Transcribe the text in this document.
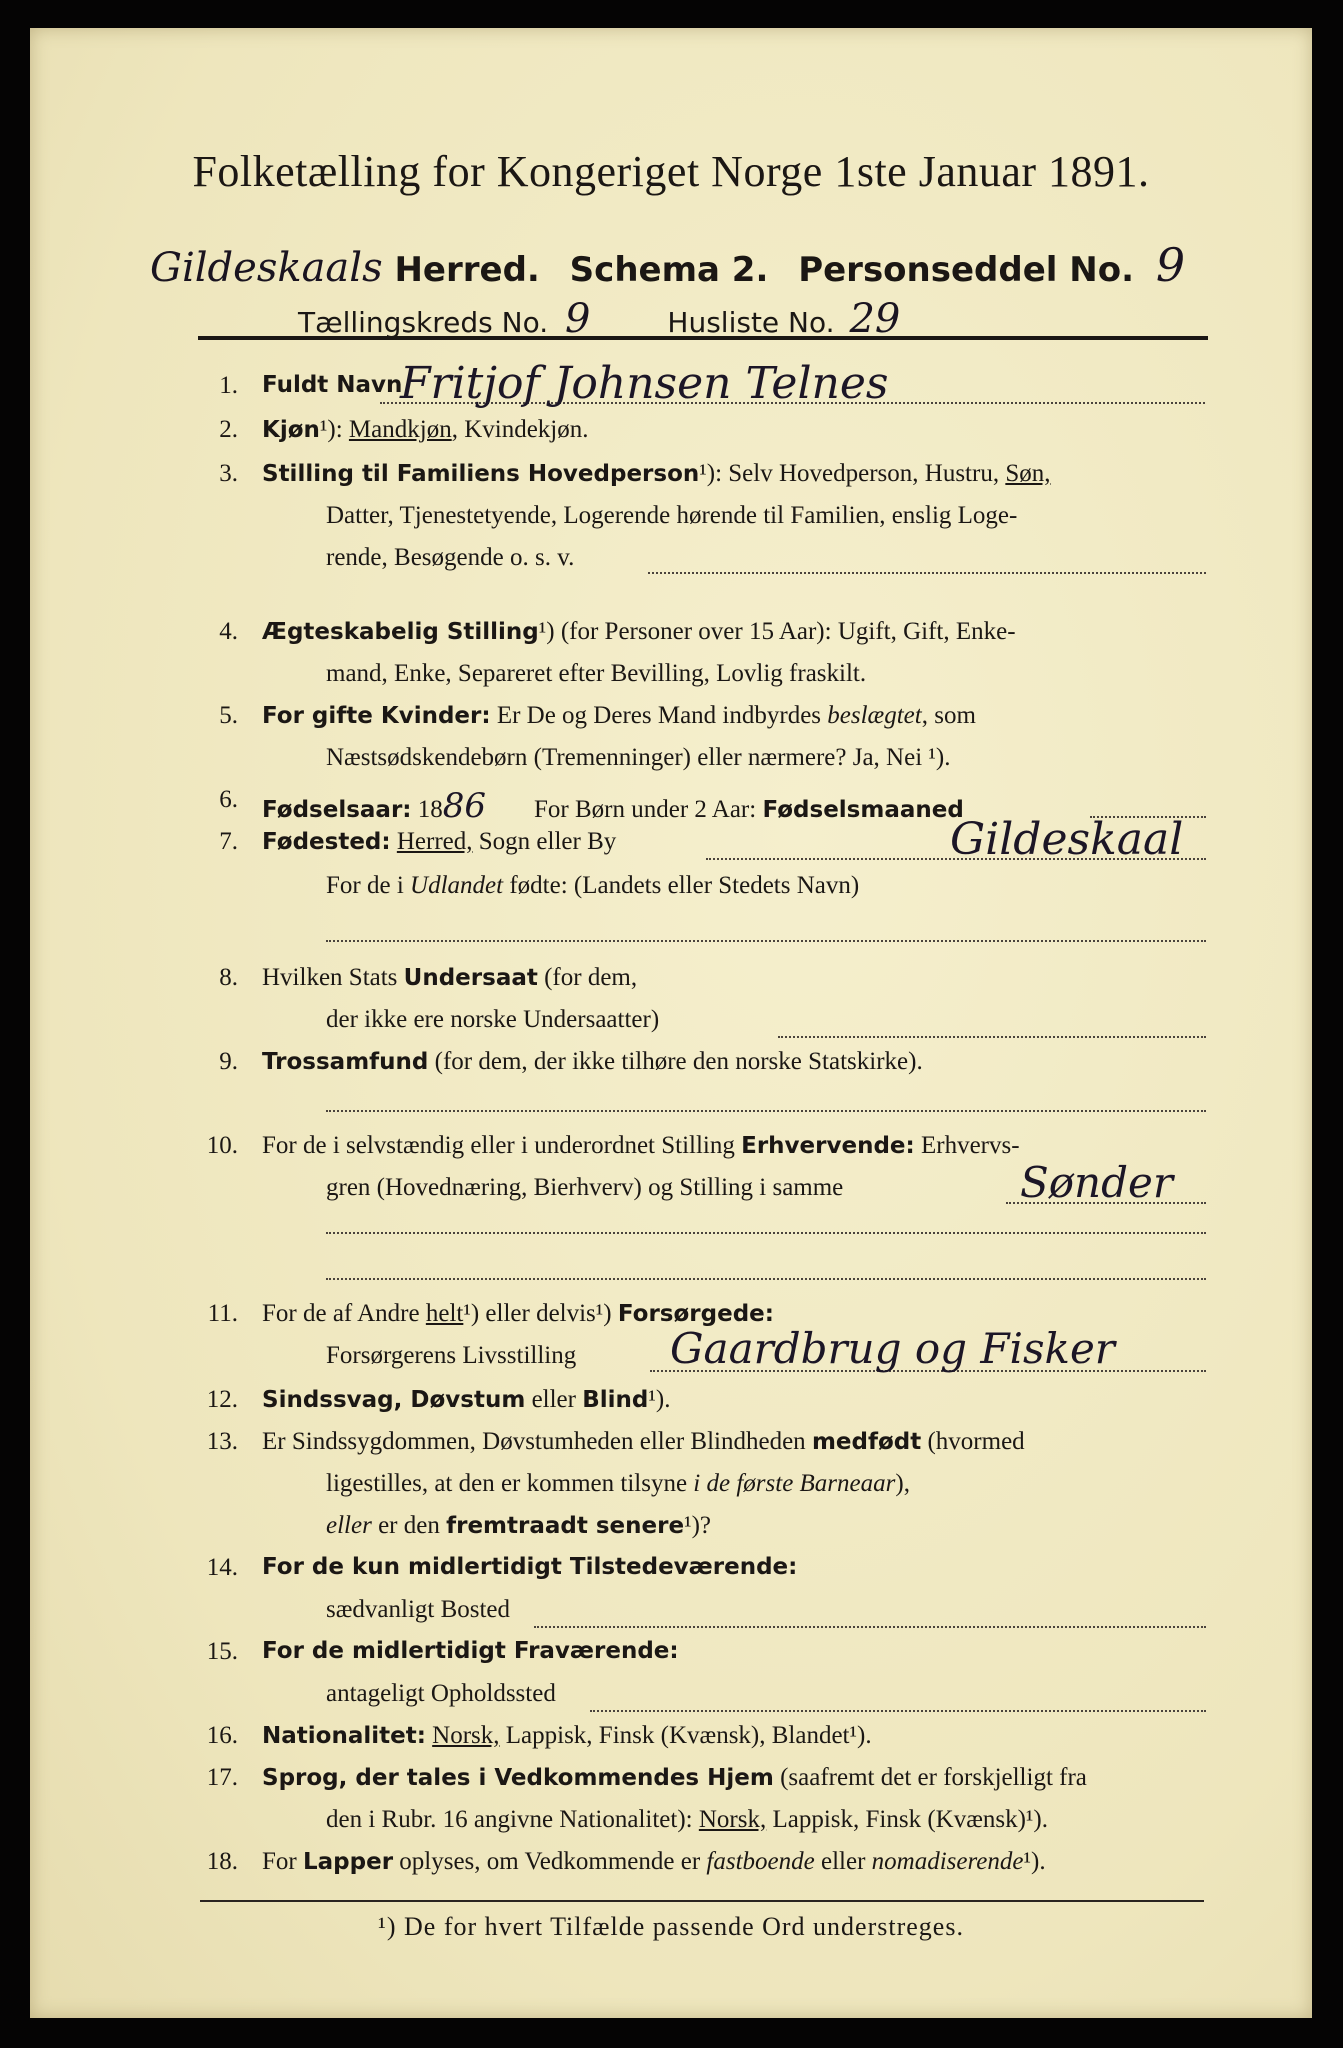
Folketælling for Kongeriget Norge 1ste Januar 1891.
Gildeskaals Herred. Schema 2. Personseddel No. 9
Tællingskreds No. 9	Husliste No. 29
1. Fuldt Navn
Fritjof Johnsen Telnes
2. Kjøn¹): Mandkjøn, Kvindekjøn.
3. Stilling til Familiens Hovedperson¹): Selv Hovedperson, Hustru, Søn,
Datter, Tjenestetyende, Logerende hørende til Familien, enslig Loge-
rende, Besøgende o. s. v.
4. Ægteskabelig Stilling¹) (for Personer over 15 Aar): Ugift, Gift, Enke-
mand, Enke, Separeret efter Bevilling, Lovlig fraskilt.
5. For gifte Kvinder: Er De og Deres Mand indbyrdes beslægtet, som
Næstsødskendebørn (Tremenninger) eller nærmere? Ja, Nei ¹).
6. Fødselsaar: 1886 For Børn under 2 Aar: Fødselsmaaned
7. Fødested: Herred, Sogn eller By	Gildeskaal
For de i Udlandet fødte: (Landets eller Stedets Navn)
8. Hvilken Stats Undersaat (for dem,
der ikke ere norske Undersaatter)
9. Trossamfund (for dem, der ikke tilhøre den norske Statskirke).
10. For de i selvstændig eller i underordnet Stilling Erhvervende: Erhvervs-
gren (Hovednæring, Bierhverv) og Stilling i samme	Sønder
11. For de af Andre helt¹) eller delvis¹) Forsørgede:
Forsørgerens Livsstilling Gaardbrug og Fisker
12. Sindssvag, Døvstum eller Blind¹).
13. Er Sindssygdommen, Døvstumheden eller Blindheden medfødt (hvormed
ligestilles, at den er kommen tilsyne i de første Barneaar),
eller er den fremtraadt senere¹)?
14. For de kun midlertidigt Tilstedeværende:
sædvanligt Bosted
15. For de midlertidigt Fraværende:
antageligt Opholdssted
16. Nationalitet: Norsk, Lappisk, Finsk (Kvænsk), Blandet¹).
17. Sprog, der tales i Vedkommendes Hjem (saafremt det er forskjelligt fra
den i Rubr. 16 angivne Nationalitet): Norsk, Lappisk, Finsk (Kvænsk)¹).
18. For Lapper oplyses, om Vedkommende er fastboende eller nomadiserende¹).
¹) De for hvert Tilfælde passende Ord understreges.
